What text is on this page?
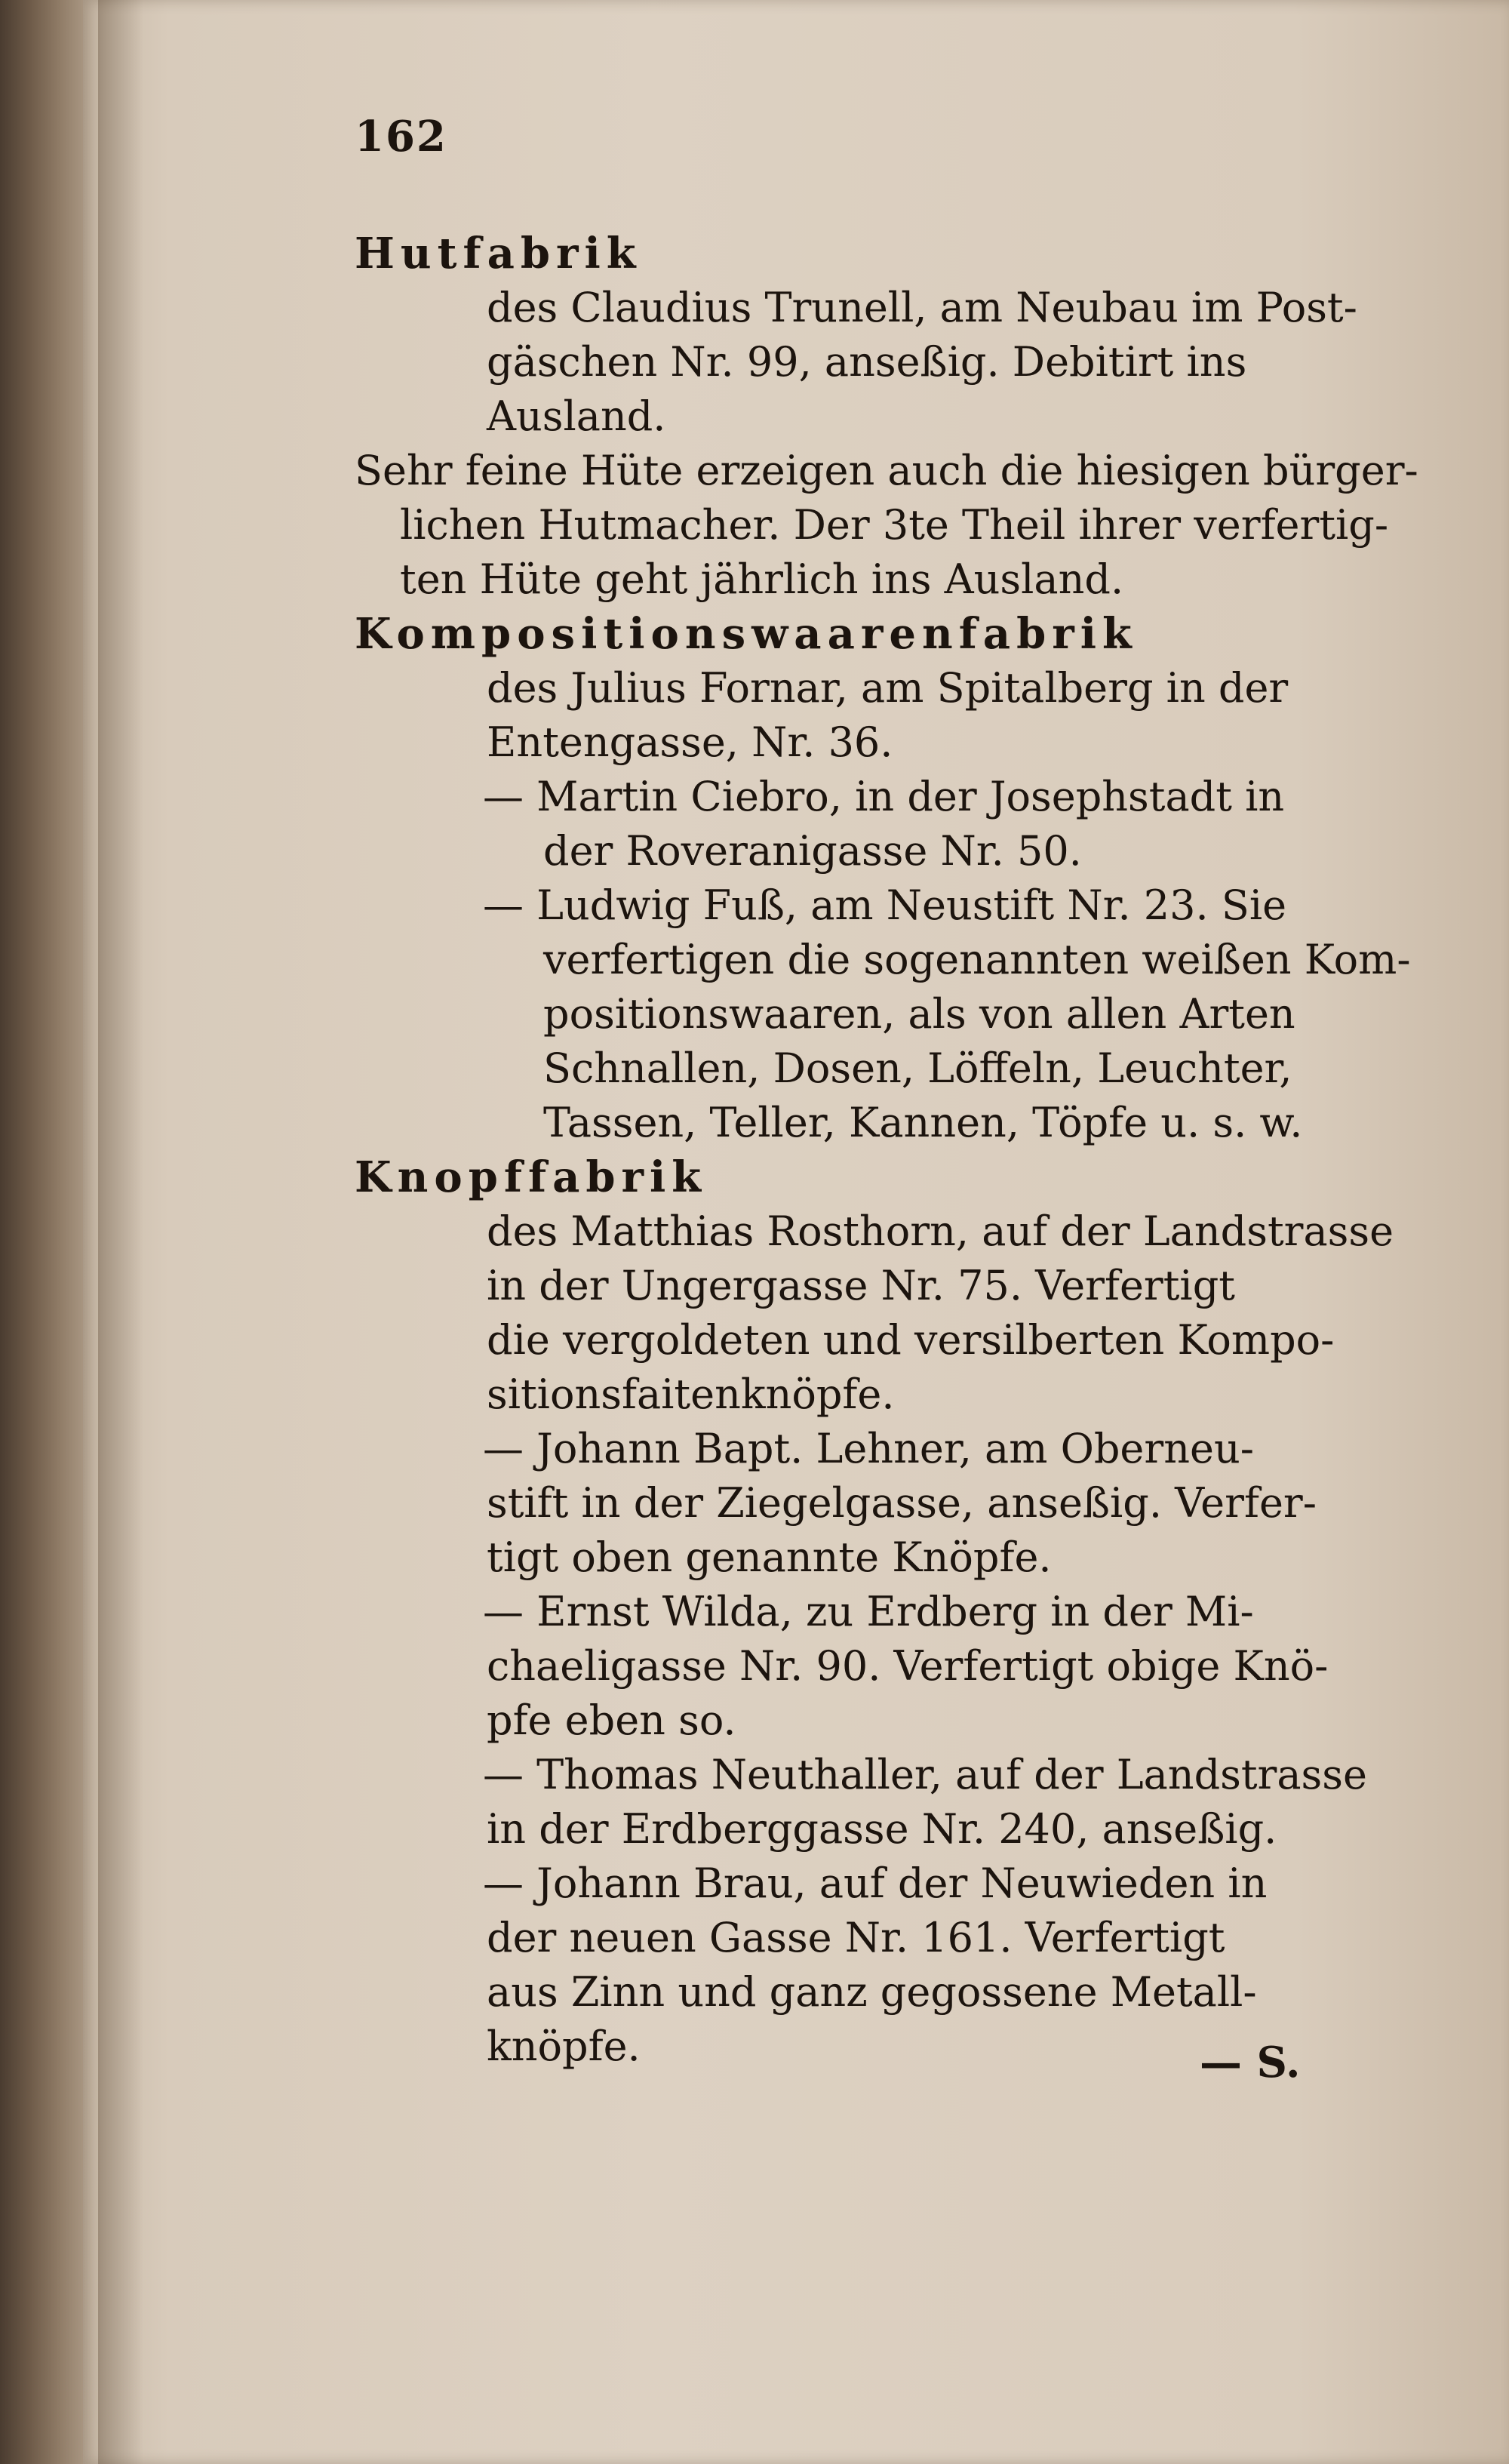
162

Hutfabrik

des Claudius Trunell, am Neubau im Post-
gäschen Nr. 99, anseßig. Debitirt ins
Ausland.
Sehr feine Hüte erzeigen auch die hiesigen bürger-
lichen Hutmacher. Der 3te Theil ihrer verfertig-
ten Hüte geht jährlich ins Ausland.

Kompositionswaarenfabrik

des Julius Fornar, am Spitalberg in der
Entengasse, Nr. 36.
— Martin Ciebro, in der Josephstadt in
der Roveranigasse Nr. 50.
— Ludwig Fuß, am Neustift Nr. 23. Sie
verfertigen die sogenannten weißen Kom-
positionswaaren, als von allen Arten
Schnallen, Dosen, Löffeln, Leuchter,
Tassen, Teller, Kannen, Töpfe u. s. w.

Knopffabrik

des Matthias Rosthorn, auf der Landstrasse
in der Ungergasse Nr. 75. Verfertigt
die vergoldeten und versilberten Kompo-
sitionsfaitenknöpfe.
— Johann Bapt. Lehner, am Oberneu-
stift in der Ziegelgasse, anseßig. Verfer-
tigt oben genannte Knöpfe.
— Ernst Wilda, zu Erdberg in der Mi-
chaeligasse Nr. 90. Verfertigt obige Knö-
pfe eben so.
— Thomas Neuthaller, auf der Landstrasse
in der Erdberggasse Nr. 240, anseßig.
— Johann Brau, auf der Neuwieden in
der neuen Gasse Nr. 161. Verfertigt
aus Zinn und ganz gegossene Metall-
knöpfe.	— S.
